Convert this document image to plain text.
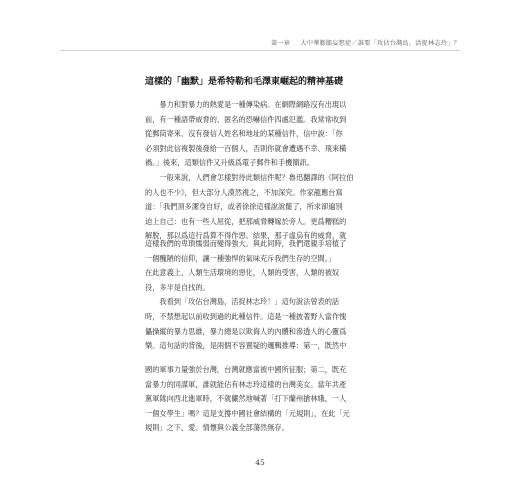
第一章 大中華膨脹妄想症／誰要「攻佔台灣島，活捉林志玲」？
這樣的「幽默」是希特勒和毛澤東崛起的精神基礎
　　暴力和對暴力的熱愛是一種傳染病。在網際網路沒有出現以
前，有一種語帶威脅的、匿名的恐嚇信件四處氾濫。我常常收到
從郵筒寄來、沒有發信人姓名和地址的某種信件，信中說：「你
必須對此信複製後發給一百個人，否則你就會遭遇不幸、飛來橫
禍。」後來，這類信件又升級爲電子郵件和手機簡訊。
　　一般來說，人們會怎樣對待此類信件呢？魯迅翻譯的《阿拉伯
的人也不少》，但大部分人漠然視之，不加深究。作家龍應台寫
道：「我們頂多潔身自好，或者徐徐這樣說說罷了，所求卻遍別
迫上自己：也有一些人屈從，把那威脅轉嫁於旁人。更爲糟糕的
解脫，那以爲這行爲算不得作惡。結果，那子虛烏有的威脅，就
這樣我們的卑瑣懦弱而變得強大。與此同時，我們還親手培植了
一個醜陋的信仰，讓一種強悍的氣味充斥我們生存的空間。」
在此意義上，人類生活環境的惡化，人類的受害，人類的被奴
役，多半是自找的。
　　我看到「攻佔台灣島，活捉林志玲！」這句說法曾表的話
時，不禁想起以前收到過的此種信件。這是一種披著野人當作愧
儡操縱的暴力思維，暴力總是以欺侮人的內體和滲透人的心靈爲
樂。這句話的背後，是兩個不容置疑的邏輯推導：第一，既然中
國的軍事力量強於台灣，台灣就應當被中國所征服；第二，既充
當暴力的同謀軍，誰就能佔有林志玲這樣的台灣美女。當年共產
黨軍隊向西北進軍時，不就儼然地喊著「打下蘭州搶林娥，一人
一個女學生」嗎？這是支撐中國社會結構的「元規則」，在此「元
規則」之下，愛、情懷與公義全部蕩然無存。
45
